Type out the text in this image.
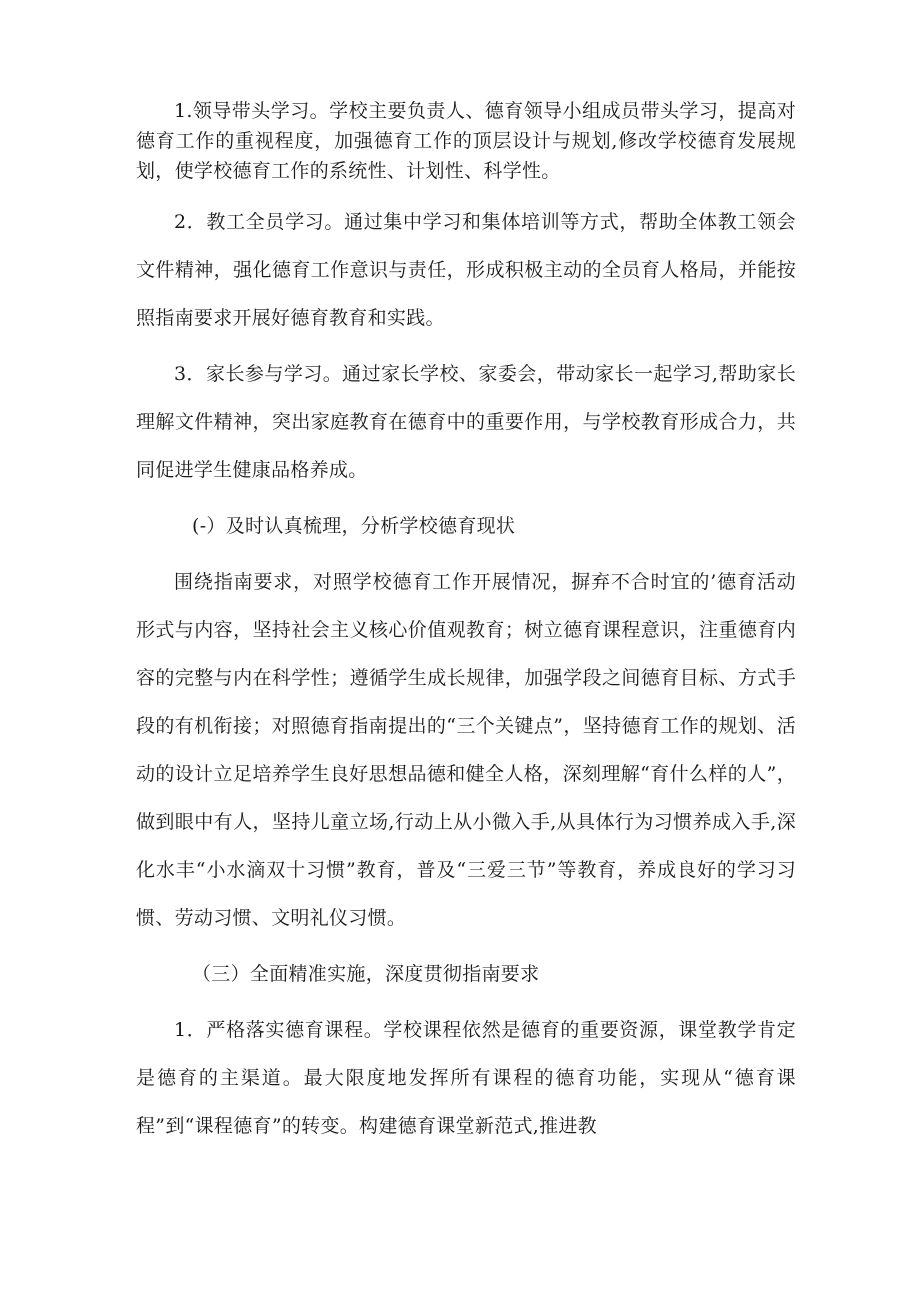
1.领导带头学习。学校主要负责人、德育领导小组成员带头学习，提高对德育工作的重视程度，加强德育工作的顶层设计与规划,修改学校德育发展规划，使学校德育工作的系统性、计划性、科学性。

2．教工全员学习。通过集中学习和集体培训等方式，帮助全体教工领会文件精神，强化德育工作意识与责任，形成积极主动的全员育人格局，并能按照指南要求开展好德育教育和实践。

3．家长参与学习。通过家长学校、家委会，带动家长一起学习,帮助家长理解文件精神，突出家庭教育在德育中的重要作用，与学校教育形成合力，共同促进学生健康品格养成。

(-）及时认真梳理，分析学校德育现状

围绕指南要求，对照学校德育工作开展情况，摒弃不合时宜的’德育活动形式与内容，坚持社会主义核心价值观教育；树立德育课程意识，注重德育内容的完整与内在科学性；遵循学生成长规律，加强学段之间德育目标、方式手段的有机衔接；对照德育指南提出的“三个关键点”，坚持德育工作的规划、活动的设计立足培养学生良好思想品德和健全人格，深刻理解“育什么样的人”，做到眼中有人，坚持儿童立场,行动上从小微入手,从具体行为习惯养成入手,深化水丰“小水滴双十习惯”教育，普及“三爱三节”等教育，养成良好的学习习惯、劳动习惯、文明礼仪习惯。

（三）全面精准实施，深度贯彻指南要求

1．严格落实德育课程。学校课程依然是德育的重要资源，课堂教学肯定是德育的主渠道。最大限度地发挥所有课程的德育功能，实现从“德育课程”到“课程德育”的转变。构建德育课堂新范式,推进教
